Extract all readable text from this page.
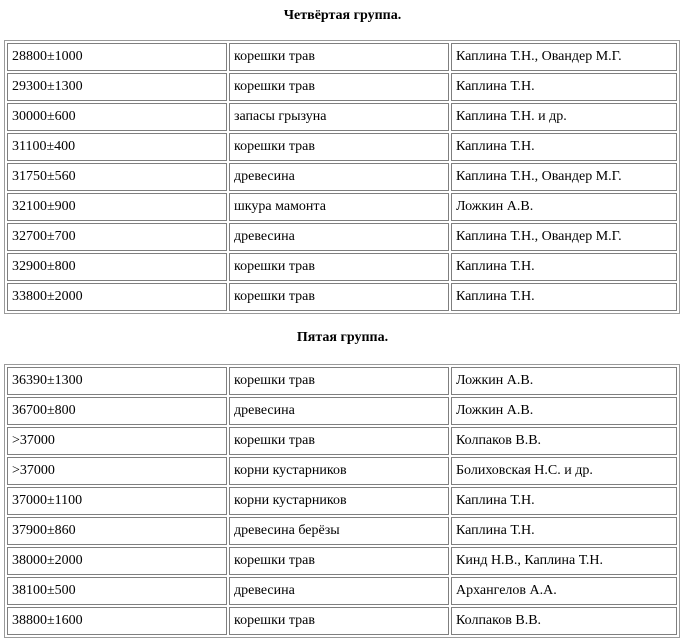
Четвёртая группа.
28800±1000	корешки трав	Каплина Т.Н., Овандер М.Г.
29300±1300	корешки трав	Каплина Т.Н.
30000±600	запасы грызуна	Каплина Т.Н. и др.
31100±400	корешки трав	Каплина Т.Н.
31750±560	древесина	Каплина Т.Н., Овандер М.Г.
32100±900	шкура мамонта	Ложкин А.В.
32700±700	древесина	Каплина Т.Н., Овандер М.Г.
32900±800	корешки трав	Каплина Т.Н.
33800±2000	корешки трав	Каплина Т.Н.
Пятая группа.
36390±1300	корешки трав	Ложкин А.В.
36700±800	древесина	Ложкин А.В.
>37000	корешки трав	Колпаков В.В.
>37000	корни кустарников	Болиховская Н.С. и др.
37000±1100	корни кустарников	Каплина Т.Н.
37900±860	древесина берёзы	Каплина Т.Н.
38000±2000	корешки трав	Кинд Н.В., Каплина Т.Н.
38100±500	древесина	Архангелов А.А.
38800±1600	корешки трав	Колпаков В.В.
